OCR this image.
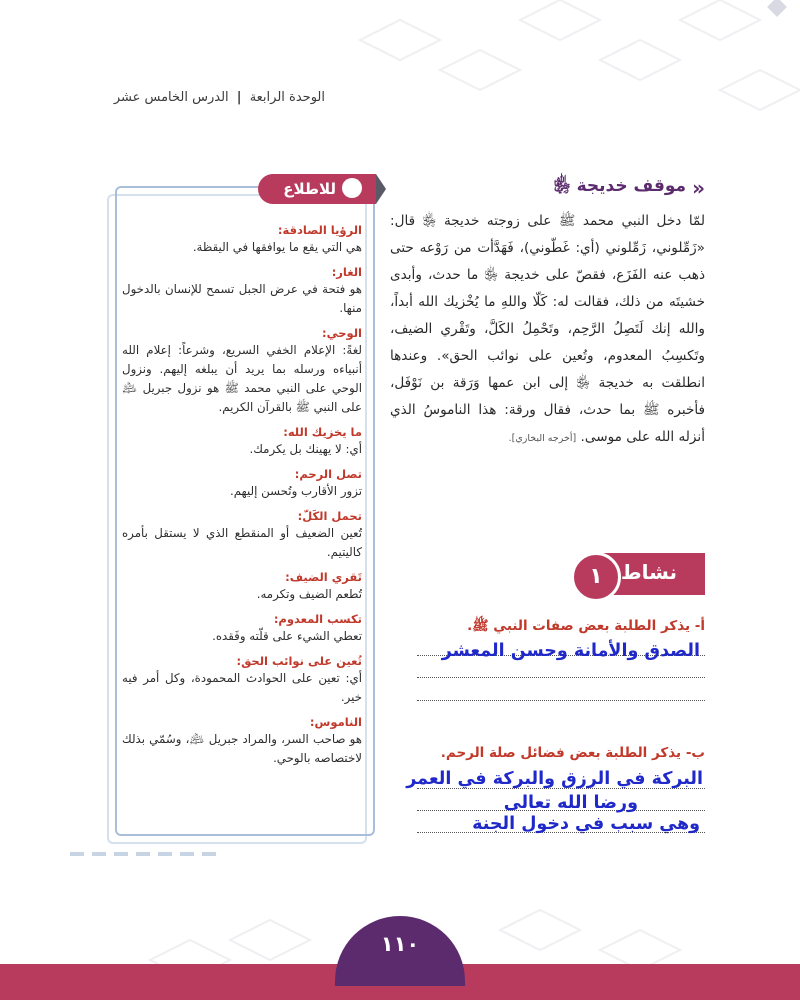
الوحدة الرابعة | الدرس الخامس عشر
«
موقف خديجة ﵂
لمّا دخل النبي محمد ﷺ على زوجته خديجة ﵂ قال: «زَمِّلوني، زَمِّلوني (أي: غَطّوني)، فَهَدَّأت من رَوْعه حتى ذهب عنه الفَزَع، فقصّ على خديجة ﵂ ما حدث، وأبدى خشيتَه من ذلك، فقالت له: كَلّا واللهِ ما يُخْزيك الله أبداً، والله إنك لَتَصِلُ الرَّحِم، وتَحْمِلُ الكَلَّ، وتَقْري الضيف، وتَكسِبُ المعدوم، وتُعين على نوائب الحق». وعندها انطلقت به خديجة ﵂ إلى ابن عمها وَرَقة بن نَوْفَل، فأخبره ﷺ بما حدث، فقال ورقة: هذا الناموسُ الذي أنزله الله على موسى. [أخرجه البخاري].
نشاط
١
أ- يذكر الطلبة بعض صفات النبي ﷺ.
الصدق والأمانة وحسن المعشر
ب- يذكر الطلبة بعض فضائل صلة الرحم.
البركة في الرزق والبركة في العمر
ورضا الله تعالى
وهي سبب في دخول الجنة
للاطلاع
الرؤيا الصادقة:
هي التي يقع ما يوافقها في اليقظة.
الغار:
هو فتحة في عرض الجبل تسمح للإنسان بالدخول منها.
الوحي:
لغةً: الإعلام الخفي السريع، وشرعاً: إعلام الله أنبياءه ورسله بما يريد أن يبلغه إليهم. ونزول الوحي على النبي محمد ﷺ هو نزول جبريل ﵇ على النبي ﷺ بالقرآن الكريم.
ما يخزيك الله:
أي: لا يهينك بل يكرمك.
تصل الرحم:
تزور الأقارب وتُحسن إليهم.
تحمل الكَلّ:
تُعين الضعيف أو المنقطع الذي لا يستقل بأمره كاليتيم.
تَقري الضيف:
تُطعم الضيف وتكرمه.
تكسب المعدوم:
تعطي الشيء على قلّته وفَقده.
تُعين على نوائب الحق:
أي: تعين على الحوادث المحمودة، وكل أمر فيه خير.
الناموس:
هو صاحب السر، والمراد جبريل ﵇، وسُمّي بذلك لاختصاصه بالوحي.
١١٠
